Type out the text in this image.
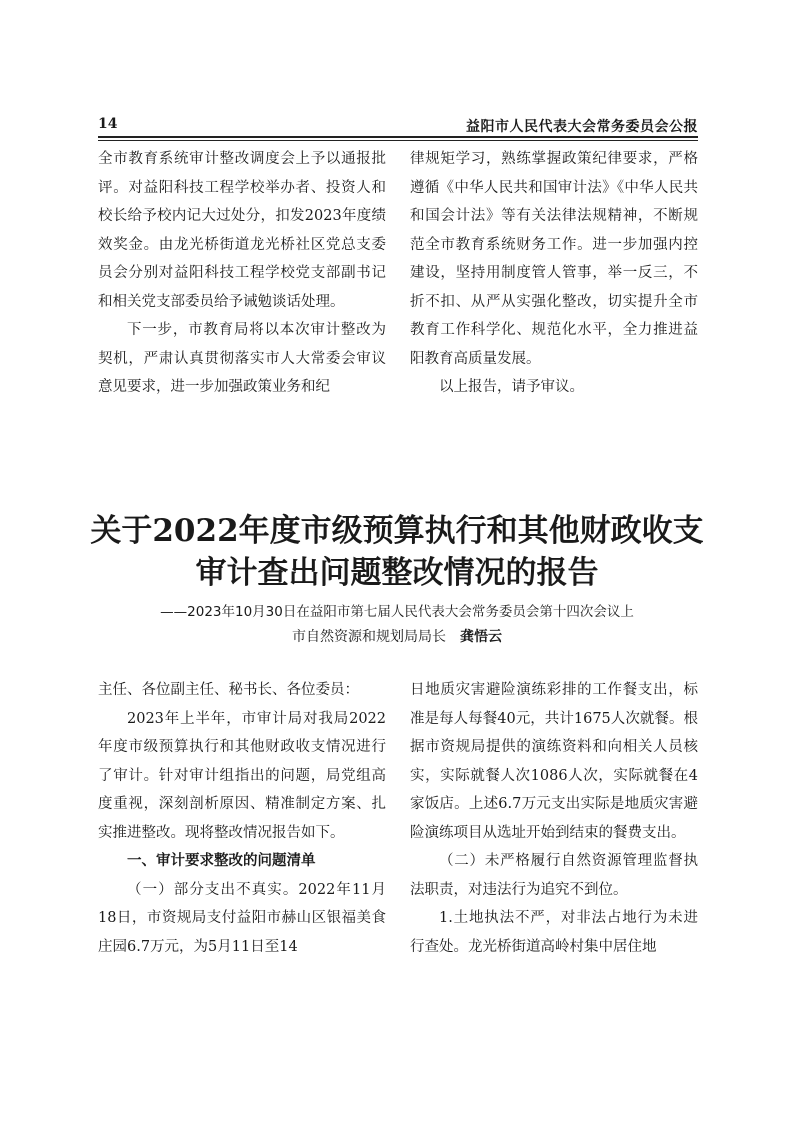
14	益阳市人民代表大会常务委员会公报

全市教育系统审计整改调度会上予以通报批评。对益阳科技工程学校举办者、投资人和校长给予校内记大过处分，扣发2023年度绩效奖金。由龙光桥街道龙光桥社区党总支委员会分别对益阳科技工程学校党支部副书记和相关党支部委员给予诫勉谈话处理。

下一步，市教育局将以本次审计整改为契机，严肃认真贯彻落实市人大常委会审议意见要求，进一步加强政策业务和纪

律规矩学习，熟练掌握政策纪律要求，严格遵循《中华人民共和国审计法》《中华人民共和国会计法》等有关法律法规精神，不断规范全市教育系统财务工作。进一步加强内控建设，坚持用制度管人管事，举一反三，不折不扣、从严从实强化整改，切实提升全市教育工作科学化、规范化水平，全力推进益阳教育高质量发展。

以上报告，请予审议。

关于2022年度市级预算执行和其他财政收支
审计查出问题整改情况的报告
——2023年10月30日在益阳市第七届人民代表大会常务委员会第十四次会议上
市自然资源和规划局局长 龚悟云

主任、各位副主任、秘书长、各位委员：

2023年上半年，市审计局对我局2022年度市级预算执行和其他财政收支情况进行了审计。针对审计组指出的问题，局党组高度重视，深刻剖析原因、精准制定方案、扎实推进整改。现将整改情况报告如下。

一、审计要求整改的问题清单

（一）部分支出不真实。2022年11月18日，市资规局支付益阳市赫山区银福美食庄园6.7万元，为5月11日至14

日地质灾害避险演练彩排的工作餐支出，标准是每人每餐40元，共计1675人次就餐。根据市资规局提供的演练资料和向相关人员核实，实际就餐人次1086人次，实际就餐在4家饭店。上述6.7万元支出实际是地质灾害避险演练项目从选址开始到结束的餐费支出。

（二）未严格履行自然资源管理监督执法职责，对违法行为追究不到位。

1.土地执法不严，对非法占地行为未进行查处。龙光桥街道高岭村集中居住地
